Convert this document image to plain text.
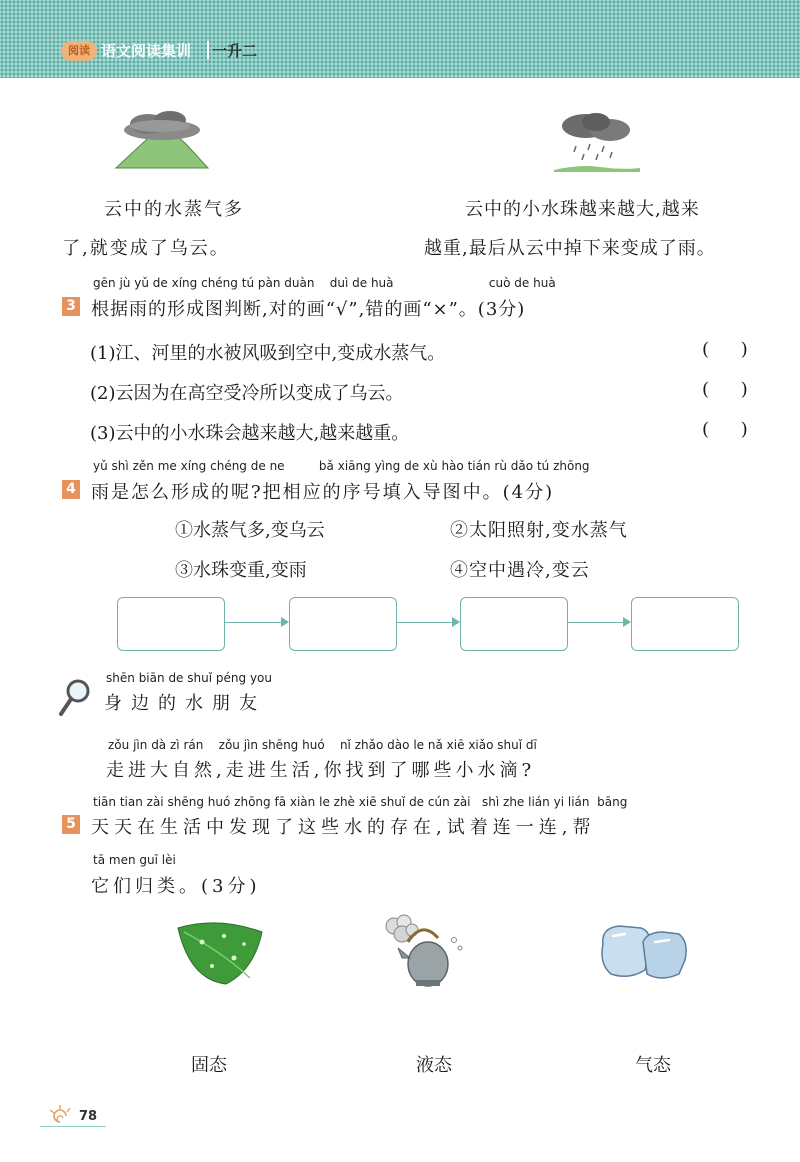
阅读 语文阅读集训 一升二
云中的水蒸气多
了,就变成了乌云。
云中的小水珠越来越大,越来
越重,最后从云中掉下来变成了雨。
gēn jù yǔ de xíng chéng tú pàn duàn duì de huà	cuò de huà
3 根据雨的形成图判断,对的画“√”,错的画“×”。(3分)
(1)江、河里的水被风吸到空中,变成水蒸气。	( )
(2)云因为在高空受冷所以变成了乌云。	( )
(3)云中的小水珠会越来越大,越来越重。	( )
yǔ shì zěn me xíng chéng de ne	bǎ xiāng yìng de xù hào tián rù dǎo tú zhōng
4 雨是怎么形成的呢?把相应的序号填入导图中。(4分)
①水蒸气多,变乌云	②太阳照射,变水蒸气
③水珠变重,变雨	④空中遇冷,变云
shēn biān de shuǐ péng you
身边的水朋友
zǒu jìn dà zì rán zǒu jìn shēng huó nǐ zhǎo dào le nǎ xiē xiǎo shuǐ dī
走进大自然,走进生活,你找到了哪些小水滴?
tiān tian zài shēng huó zhōng fā xiàn le zhè xiē shuǐ de cún zài shì zhe lián yi lián bāng
5 天天在生活中发现了这些水的存在,试着连一连,帮
tā men guī lèi
它们归类。(3分)
固态	液态	气态
78
